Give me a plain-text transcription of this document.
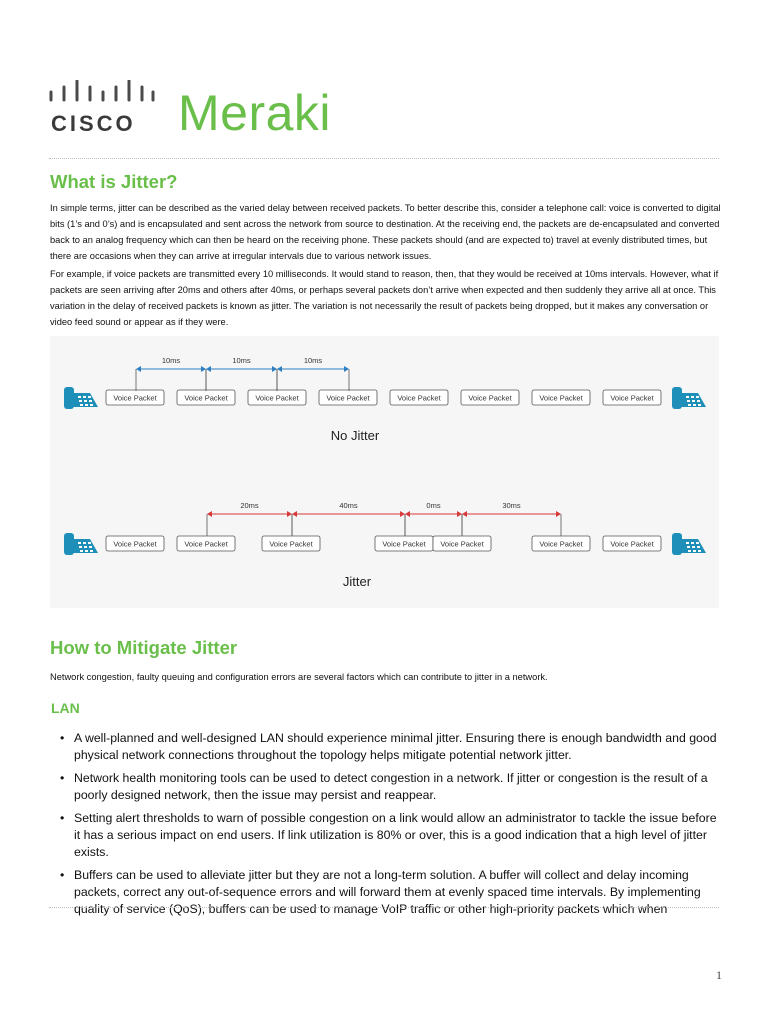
CISCO Meraki
What is Jitter?

In simple terms, jitter can be described as the varied delay between received packets. To better describe this, consider a telephone call: voice is converted to digital bits (1’s and 0’s) and is encapsulated and sent across the network from source to destination. At the receiving end, the packets are de-encapsulated and converted back to an analog frequency which can then be heard on the receiving phone. These packets should (and are expected to) travel at evenly distributed times, but there are occasions when they can arrive at irregular intervals due to various network issues.

For example, if voice packets are transmitted every 10 milliseconds. It would stand to reason, then, that they would be received at 10ms intervals. However, what if packets are seen arriving after 20ms and others after 40ms, or perhaps several packets don’t arrive when expected and then suddenly they arrive all at once. This variation in the delay of received packets is known as jitter. The variation is not necessarily the result of packets being dropped, but it makes any conversation or video feed sound or appear as if they were.

Voice Packet	Voice Packet	Voice Packet	Voice Packet	Voice Packet	Voice Packet	Voice Packet	Voice Packet
10ms	10ms	10ms
No Jitter
Voice Packet	Voice Packet	Voice Packet	Voice Packet Voice Packet	Voice Packet	Voice Packet
20ms	40ms	0ms	30ms
Jitter
How to Mitigate Jitter

Network congestion, faulty queuing and configuration errors are several factors which can contribute to jitter in a network.

LAN
• A well-planned and well-designed LAN should experience minimal jitter. Ensuring there is enough bandwidth and good physical network connections throughout the topology helps mitigate potential network jitter.
• Network health monitoring tools can be used to detect congestion in a network. If jitter or congestion is the result of a poorly designed network, then the issue may persist and reappear.
• Setting alert thresholds to warn of possible congestion on a link would allow an administrator to tackle the issue before it has a serious impact on end users. If link utilization is 80% or over, this is a good indication that a high level of jitter exists.
• Buffers can be used to alleviate jitter but they are not a long-term solution. A buffer will collect and delay incoming packets, correct any out-of-sequence errors and will forward them at evenly spaced time intervals. By implementing quality of service (QoS), buffers can be used to manage VoIP traffic or other high-priority packets which when
1
